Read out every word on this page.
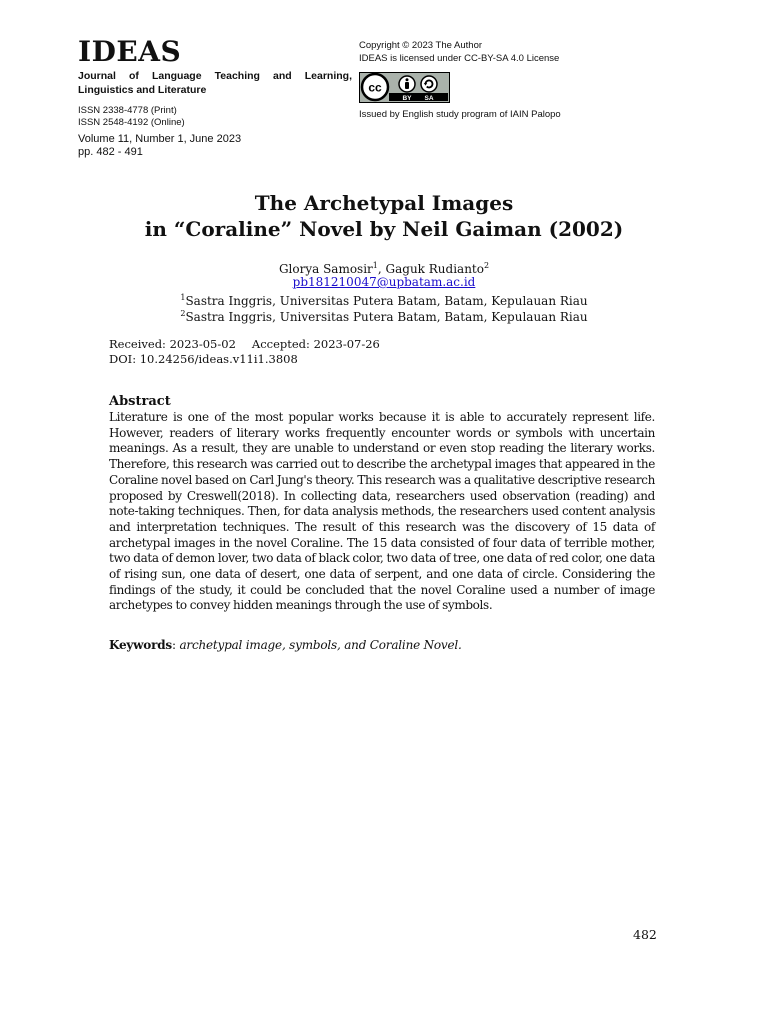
IDEAS
Journal of Language Teaching and Learning, Linguistics and Literature
ISSN 2338-4778 (Print)
ISSN 2548-4192 (Online)
Volume 11, Number 1, June 2023
pp. 482 - 491
Copyright © 2023 The Author
IDEAS is licensed under CC-BY-SA 4.0 License
cc
BY SA
Issued by English study program of IAIN Palopo
The Archetypal Images
in “Coraline” Novel by Neil Gaiman (2002)
Glorya Samosir$^1$, Gaguk Rudianto$^2$
pb181210047@upbatam.ac.id
$^1$Sastra Inggris, Universitas Putera Batam, Batam, Kepulauan Riau
$^2$Sastra Inggris, Universitas Putera Batam, Batam, Kepulauan Riau
Received: 2023-05-02 Accepted: 2023-07-26
DOI: 10.24256/ideas.v11i1.3808
Abstract
Literature is one of the most popular works because it is able to accurately represent life. However, readers of literary works frequently encounter words or symbols with uncertain meanings. As a result, they are unable to understand or even stop reading the literary works. Therefore, this research was carried out to describe the archetypal images that appeared in the Coraline novel based on Carl Jung's theory. This research was a qualitative descriptive research proposed by Creswell(2018). In collecting data, researchers used observation (reading) and note-taking techniques. Then, for data analysis methods, the researchers used content analysis and interpretation techniques. The result of this research was the discovery of 15 data of archetypal images in the novel Coraline. The 15 data consisted of four data of terrible mother, two data of demon lover, two data of black color, two data of tree, one data of red color, one data of rising sun, one data of desert, one data of serpent, and one data of circle. Considering the findings of the study, it could be concluded that the novel Coraline used a number of image archetypes to convey hidden meanings through the use of symbols.
Keywords: archetypal image, symbols, and Coraline Novel.
482
